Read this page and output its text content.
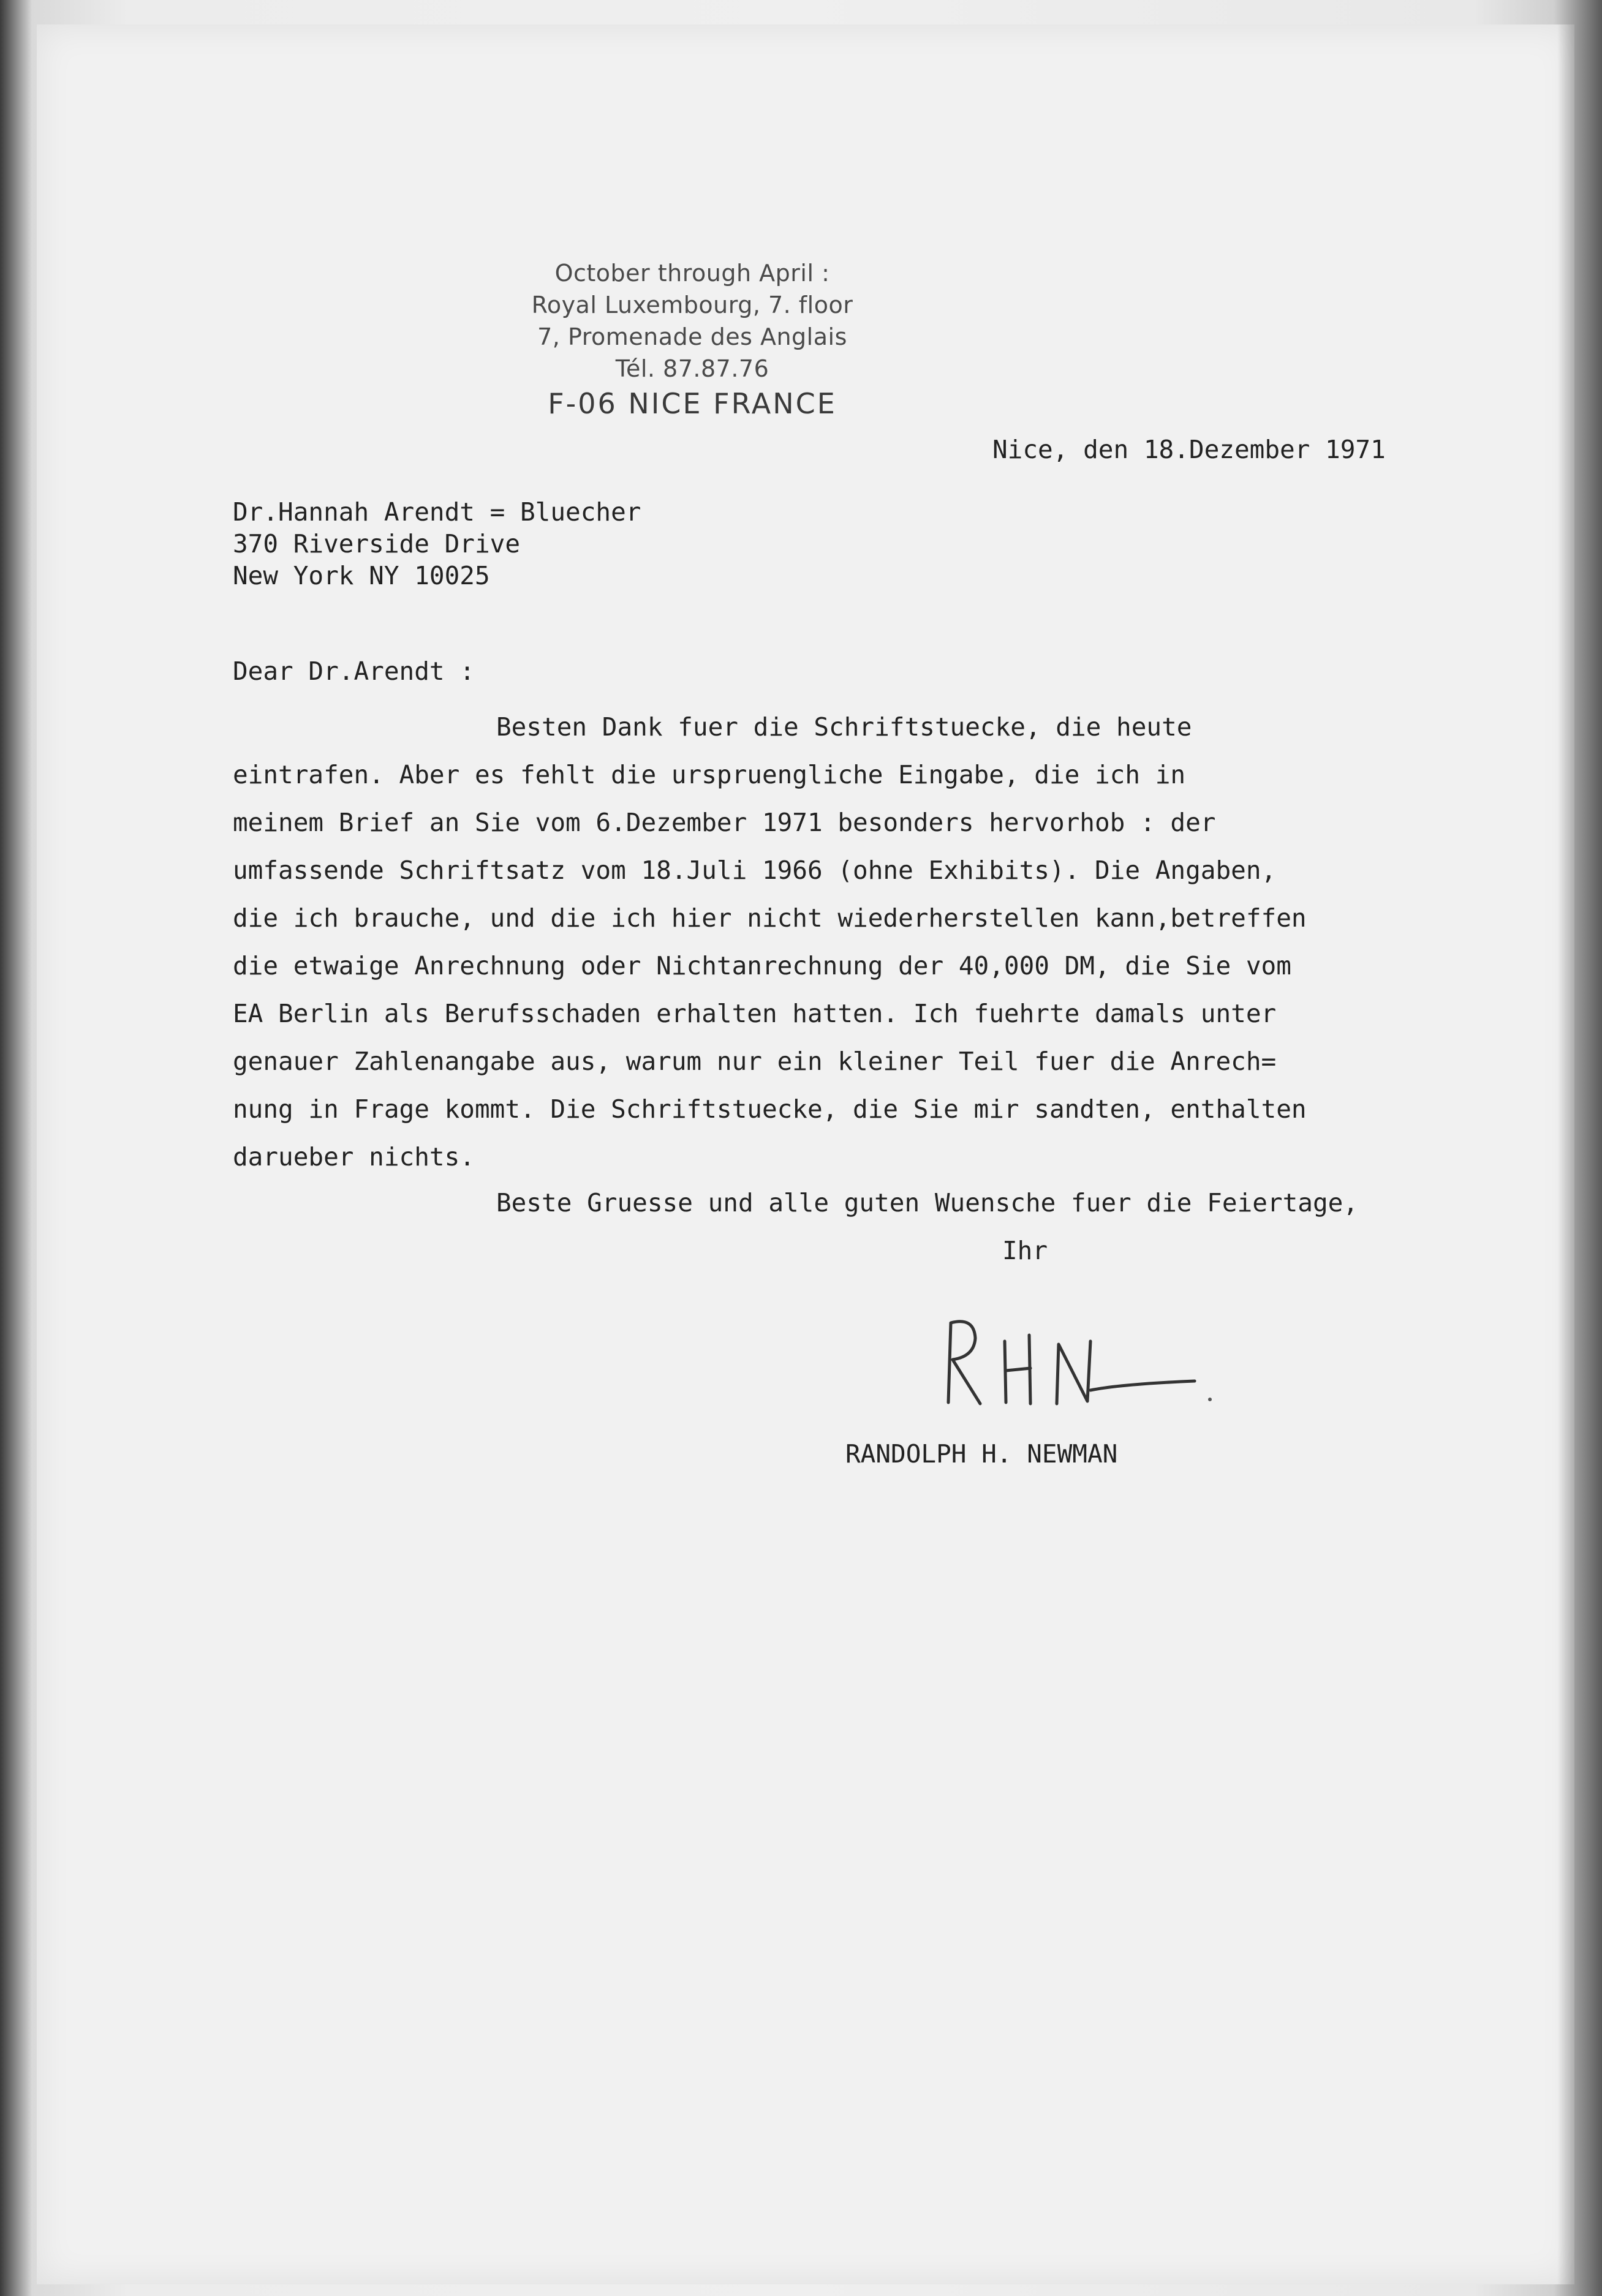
October through April :
Royal Luxembourg, 7. floor
7, Promenade des Anglais
Tél. 87.87.76
F-06 NICE FRANCE
Nice, den 18.Dezember 1971
Dr.Hannah Arendt = Bluecher
370 Riverside Drive
New York NY 10025
Dear Dr.Arendt :
Besten Dank fuer die Schriftstuecke, die heute
eintrafen. Aber es fehlt die urspruengliche Eingabe, die ich in
meinem Brief an Sie vom 6.Dezember 1971 besonders hervorhob : der
umfassende Schriftsatz vom 18.Juli 1966 (ohne Exhibits). Die Angaben,
die ich brauche, und die ich hier nicht wiederherstellen kann,betreffen
die etwaige Anrechnung oder Nichtanrechnung der 40,000 DM, die Sie vom
EA Berlin als Berufsschaden erhalten hatten. Ich fuehrte damals unter
genauer Zahlenangabe aus, warum nur ein kleiner Teil fuer die Anrech=
nung in Frage kommt. Die Schriftstuecke, die Sie mir sandten, enthalten
darueber nichts.
Beste Gruesse und alle guten Wuensche fuer die Feiertage,
Ihr
RANDOLPH H. NEWMAN
